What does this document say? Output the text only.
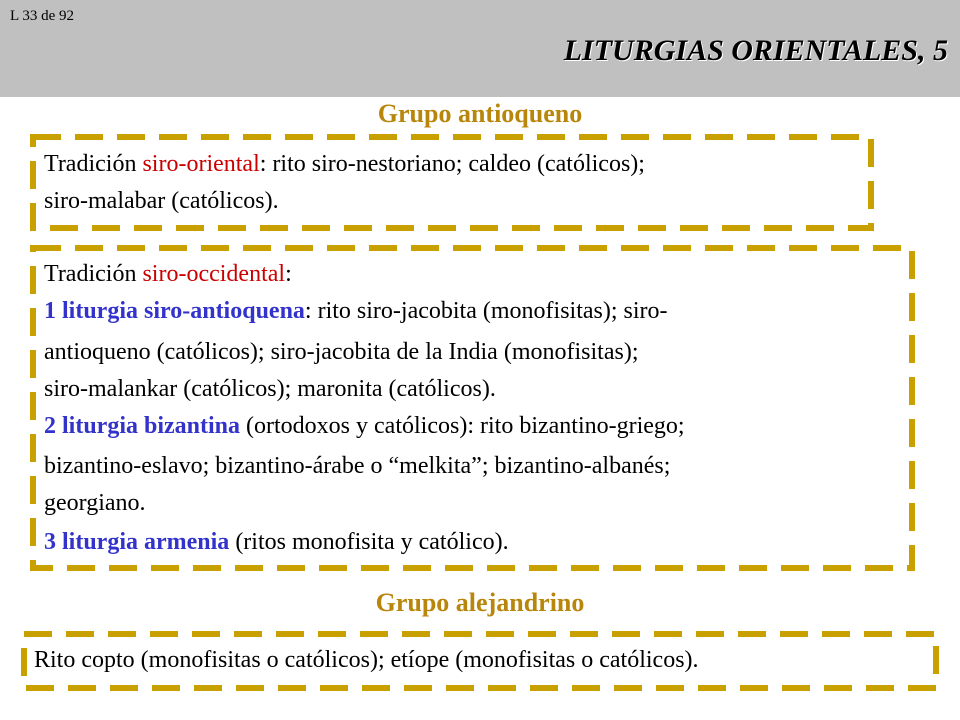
L 33 de 92
LITURGIAS ORIENTALES, 5
Grupo antioqueno
Tradición siro-oriental: rito siro-nestoriano; caldeo (católicos);
siro-malabar (católicos).
Tradición siro-occidental:
1 liturgia siro-antioquena: rito siro-jacobita (monofisitas); siro-
antioqueno (católicos); siro-jacobita de la India (monofisitas);
siro-malankar (católicos); maronita (católicos).
2 liturgia bizantina (ortodoxos y católicos): rito bizantino-griego;
bizantino-eslavo; bizantino-árabe o “melkita”; bizantino-albanés;
georgiano.
3 liturgia armenia (ritos monofisita y católico).
Grupo alejandrino
Rito copto (monofisitas o católicos); etíope (monofisitas o católicos).
